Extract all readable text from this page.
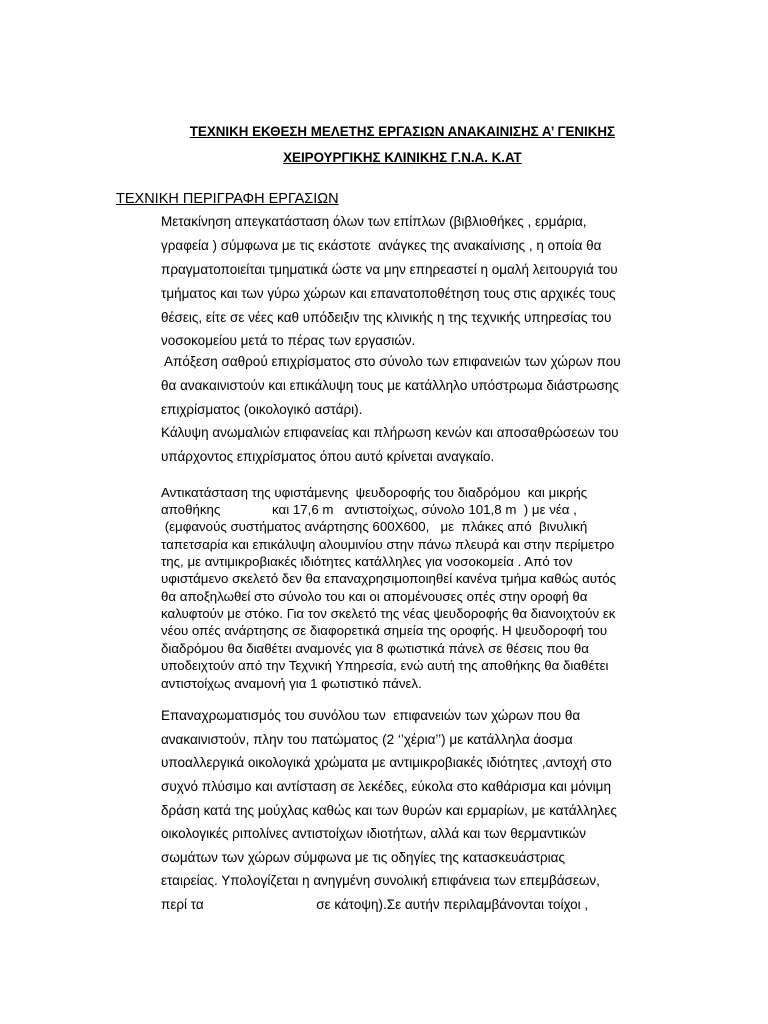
ΤΕΧΝΙΚΗ ΕΚΘΕΣΗ ΜΕΛΕΤΗΣ ΕΡΓΑΣΙΩΝ ΑΝΑΚΑΙΝΙΣΗΣ Α’ ΓΕΝΙΚΗΣ
ΧΕΙΡΟΥΡΓΙΚΗΣ ΚΛΙΝΙΚΗΣ Γ.Ν.Α. Κ.ΑΤ
ΤΕΧΝΙΚΗ ΠΕΡΙΓΡΑΦΗ ΕΡΓΑΣΙΩΝ
Μετακίνηση απεγκατάσταση όλων των επίπλων (βιβλιοθήκες , ερμάρια,
γραφεία ) σύμφωνα με τις εκάστοτε  ανάγκες της ανακαίνισης , η οποία θα
πραγματοποιείται τμηματικά ώστε να μην επηρεαστεί η ομαλή λειτουργιά του
τμήματος και των γύρω χώρων και επανατοποθέτηση τους στις αρχικές τους
θέσεις, είτε σε νέες καθ υπόδειξιν της κλινικής η της τεχνικής υπηρεσίας του
νοσοκομείου μετά το πέρας των εργασιών.
Απόξεση σαθρού επιχρίσματος στο σύνολο των επιφανειών των χώρων που
θα ανακαινιστούν και επικάλυψη τους με κατάλληλο υπόστρωμα διάστρωσης
επιχρίσματος (οικολογικό αστάρι).
Κάλυψη ανωμαλιών επιφανείας και πλήρωση κενών και αποσαθρώσεων του
υπάρχοντος επιχρίσματος όπου αυτό κρίνεται αναγκαίο.
Αντικατάσταση της υφιστάμενης  ψευδοροφής του διαδρόμου  και μικρής
αποθήκης              και 17,6 m   αντιστοίχως, σύνολο 101,8 m  ) με νέα ,
(εμφανούς συστήματος ανάρτησης 600Χ600,   με  πλάκες από  βινυλική
ταπετσαρία και επικάλυψη αλουμινίου στην πάνω πλευρά και στην περίμετρο
της, με αντιμικροβιακές ιδιότητες κατάλληλες για νοσοκομεία . Από τον
υφιστάμενο σκελετό δεν θα επαναχρησιμοποιηθεί κανένα τμήμα καθώς αυτός
θα αποξηλωθεί στο σύνολο του και οι απομένουσες οπές στην οροφή θα
καλυφτούν με στόκο. Για τον σκελετό της νέας ψευδοροφής θα διανοιχτούν εκ
νέου οπές ανάρτησης σε διαφορετικά σημεία της οροφής. Η ψευδοροφή του
διαδρόμου θα διαθέτει αναμονές για 8 φωτιστικά πάνελ σε θέσεις που θα
υποδειχτούν από την Τεχνική Υπηρεσία, ενώ αυτή της αποθήκης θα διαθέτει
αντιστοίχως αναμονή για 1 φωτιστικό πάνελ.
Επαναχρωματισμός του συνόλου των  επιφανειών των χώρων που θα
ανακαινιστούν, πλην του πατώματος (2 ‘’χέρια’’) με κατάλληλα άοσμα
υποαλλεργικά οικολογικά χρώματα με αντιμικροβιακές ιδιότητες ,αντοχή στο
συχνό πλύσιμο και αντίσταση σε λεκέδες, εύκολα στο καθάρισμα και μόνιμη
δράση κατά της μούχλας καθώς και των θυρών και ερμαρίων, με κατάλληλες
οικολογικές ριπολίνες αντιστοίχων ιδιοτήτων, αλλά και των θερμαντικών
σωμάτων των χώρων σύμφωνα με τις οδηγίες της κατασκευάστριας
εταιρείας. Υπολογίζεται η ανηγμένη συνολική επιφάνεια των επεμβάσεων,
περί τα                              σε κάτοψη).Σε αυτήν περιλαμβάνονται τοίχοι ,
